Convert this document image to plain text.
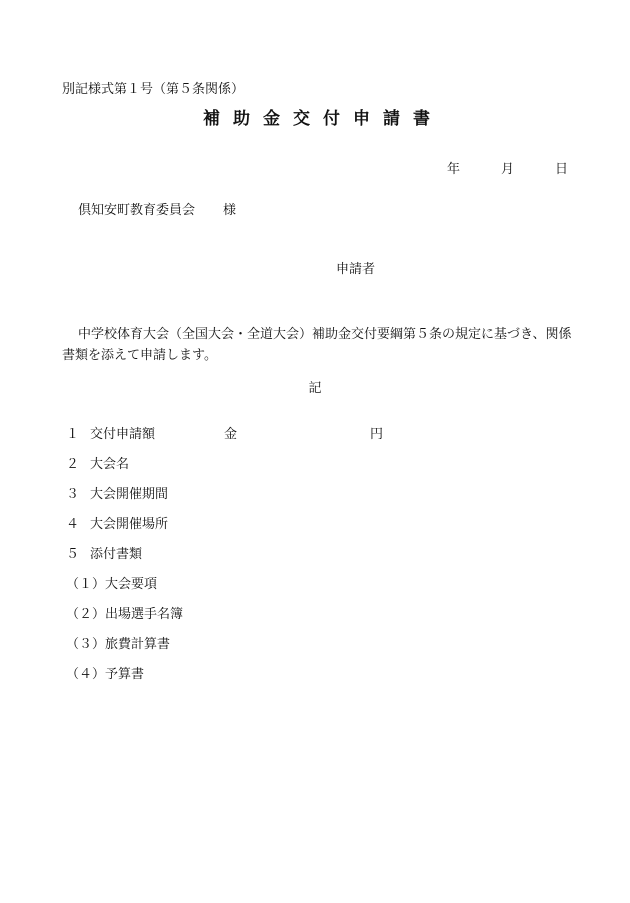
別記様式第１号（第５条関係）
補助金交付申請書
年	月	日
倶知安町教育委員会 様
申請者
中学校体育大会（全国大会・全道大会）補助金交付要綱第５条の規定に基づき、関係書類を添えて申請します。
記
１ 交付申請額	金	円
２ 大会名
３ 大会開催期間
４ 大会開催場所
５ 添付書類
（１）大会要項
（２）出場選手名簿
（３）旅費計算書
（４）予算書
